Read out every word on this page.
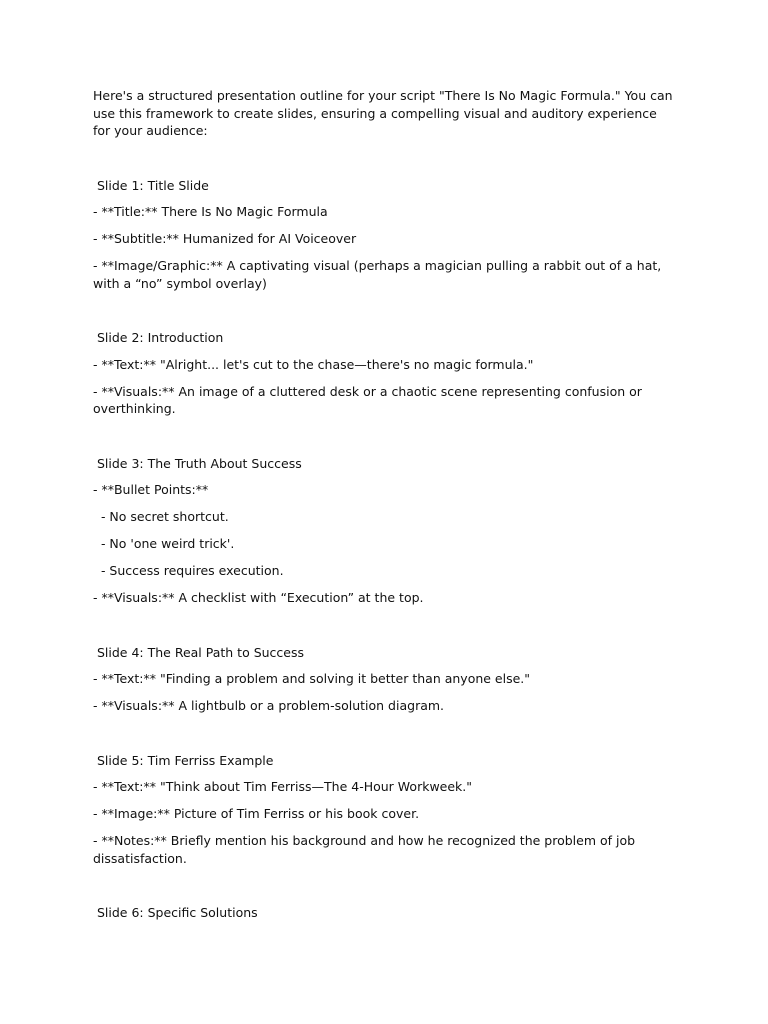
Here's a structured presentation outline for your script "There Is No Magic Formula." You can use this framework to create slides, ensuring a compelling visual and auditory experience for your audience:

Slide 1: Title Slide

- **Title:** There Is No Magic Formula

- **Subtitle:** Humanized for AI Voiceover

- **Image/Graphic:** A captivating visual (perhaps a magician pulling a rabbit out of a hat, with a “no” symbol overlay)

Slide 2: Introduction

- **Text:** "Alright... let's cut to the chase—there's no magic formula."

- **Visuals:** An image of a cluttered desk or a chaotic scene representing confusion or overthinking.

Slide 3: The Truth About Success

- **Bullet Points:**

- No secret shortcut.

- No 'one weird trick'.

- Success requires execution.

- **Visuals:** A checklist with “Execution” at the top.

Slide 4: The Real Path to Success

- **Text:** "Finding a problem and solving it better than anyone else."

- **Visuals:** A lightbulb or a problem-solution diagram.

Slide 5: Tim Ferriss Example

- **Text:** "Think about Tim Ferriss—The 4-Hour Workweek."

- **Image:** Picture of Tim Ferriss or his book cover.

- **Notes:** Briefly mention his background and how he recognized the problem of job dissatisfaction.

Slide 6: Specific Solutions
